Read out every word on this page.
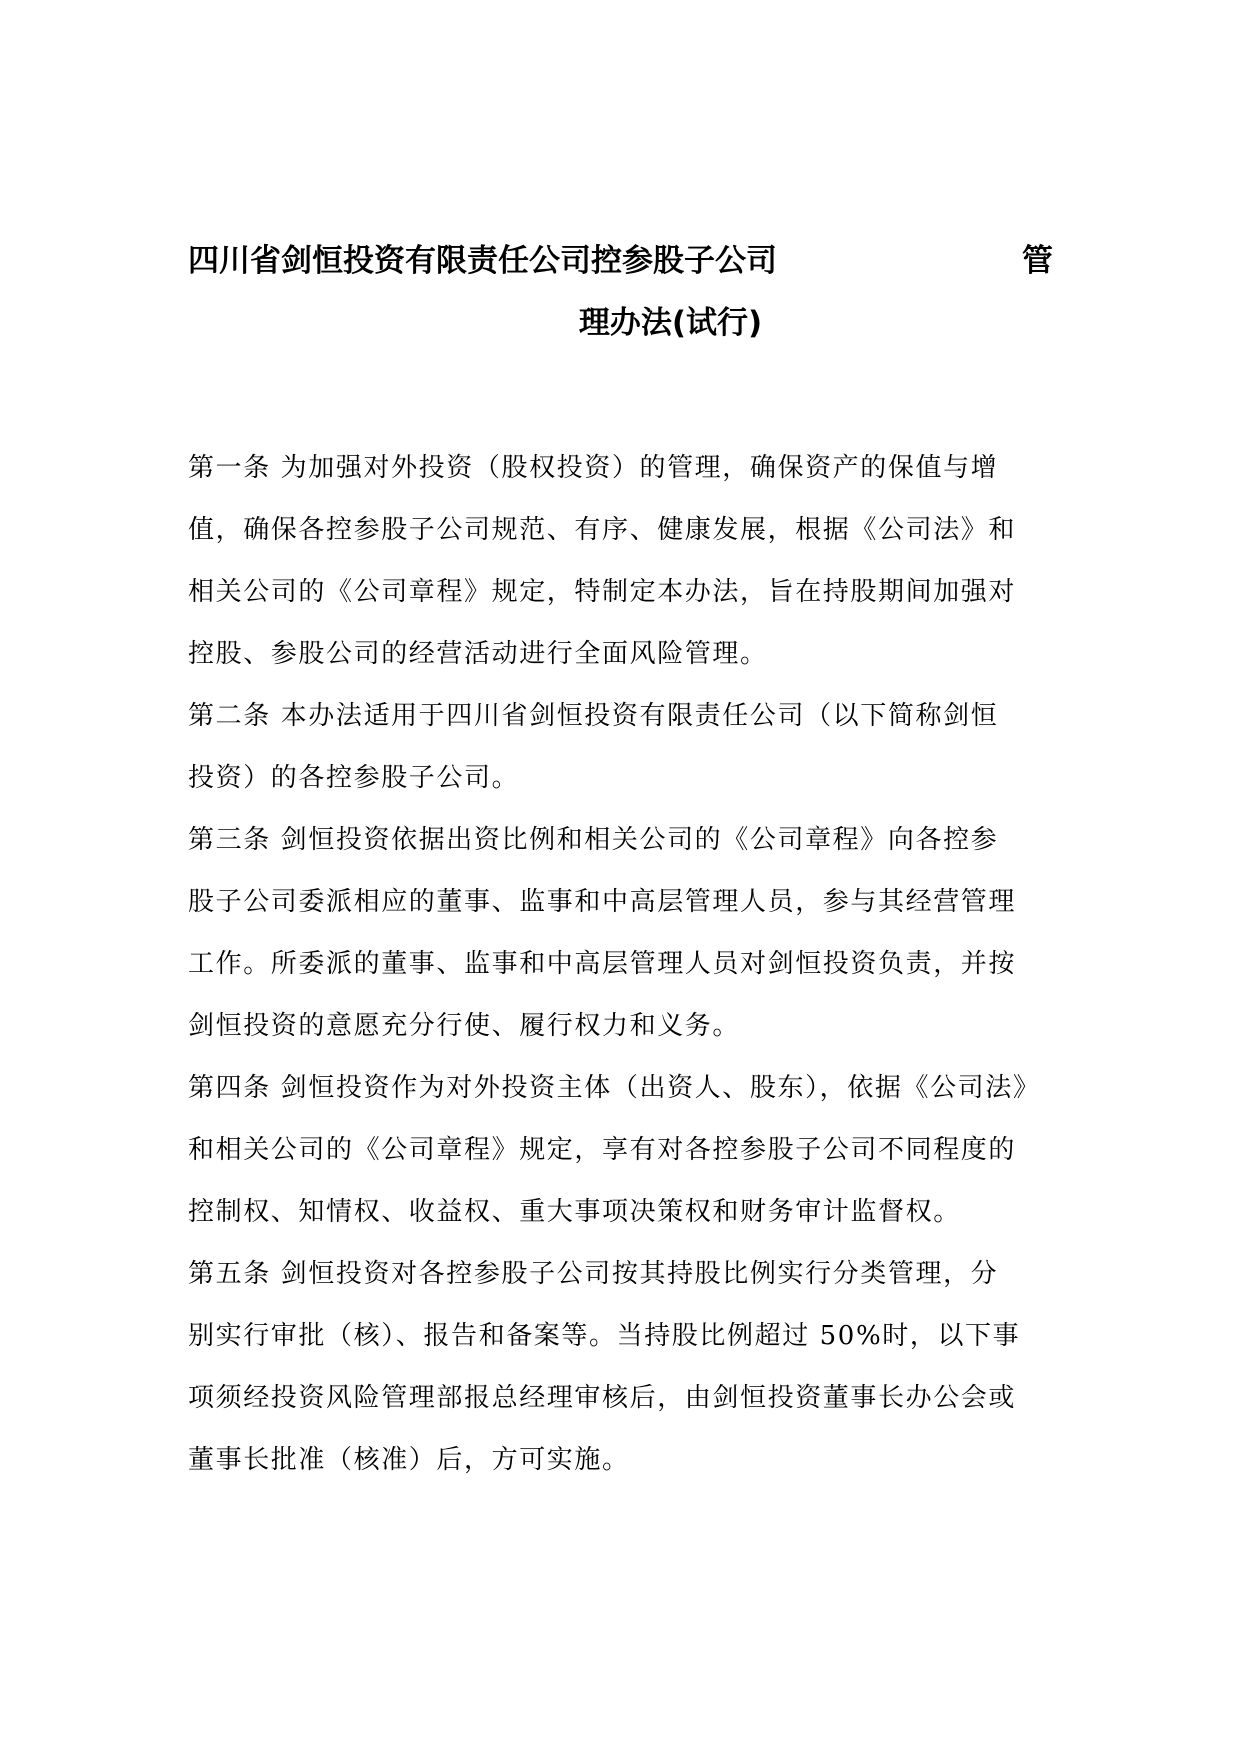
四川省剑恒投资有限责任公司控参股子公司	管
理办法(试行)

第一条 为加强对外投资（股权投资）的管理，确保资产的保值与增
值，确保各控参股子公司规范、有序、健康发展，根据《公司法》和
相关公司的《公司章程》规定，特制定本办法，旨在持股期间加强对
控股、参股公司的经营活动进行全面风险管理。

第二条 本办法适用于四川省剑恒投资有限责任公司（以下简称剑恒
投资）的各控参股子公司。

第三条 剑恒投资依据出资比例和相关公司的《公司章程》向各控参
股子公司委派相应的董事、监事和中高层管理人员，参与其经营管理
工作。所委派的董事、监事和中高层管理人员对剑恒投资负责，并按
剑恒投资的意愿充分行使、履行权力和义务。

第四条 剑恒投资作为对外投资主体（出资人、股东），依据《公司法》
和相关公司的《公司章程》规定，享有对各控参股子公司不同程度的
控制权、知情权、收益权、重大事项决策权和财务审计监督权。

第五条 剑恒投资对各控参股子公司按其持股比例实行分类管理，分
别实行审批（核）、报告和备案等。当持股比例超过 50%时，以下事
项须经投资风险管理部报总经理审核后，由剑恒投资董事长办公会或
董事长批准（核准）后，方可实施。
